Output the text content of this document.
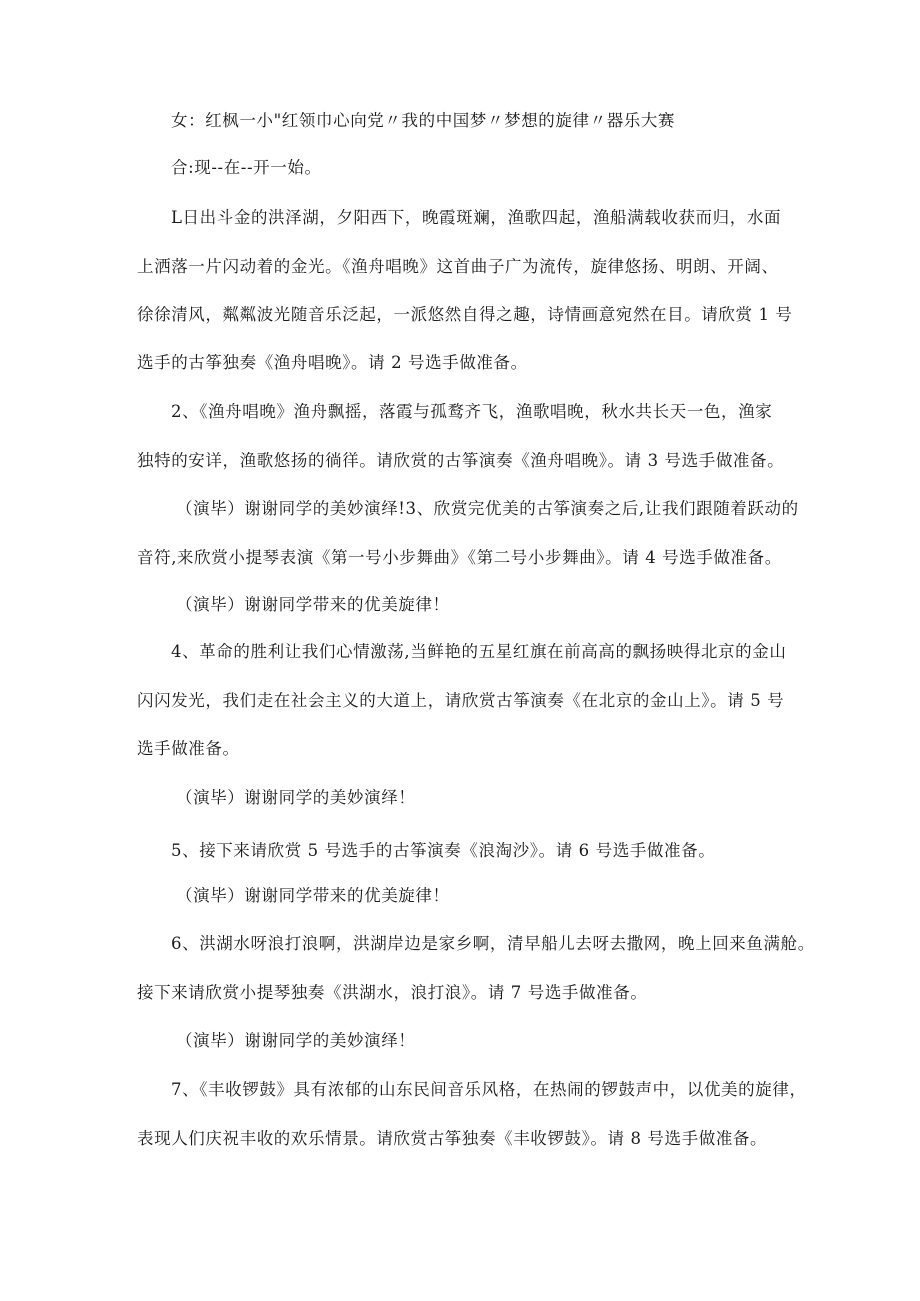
女：红枫一小"红领巾心向党〃我的中国梦〃梦想的旋律〃器乐大赛

合:现--在--开一始。

L日出斗金的洪泽湖，夕阳西下，晚霞斑斓，渔歌四起，渔船满载收获而归，水面

上洒落一片闪动着的金光。《渔舟唱晚》这首曲子广为流传，旋律悠扬、明朗、开阔、

徐徐清风，粼粼波光随音乐泛起，一派悠然自得之趣，诗情画意宛然在目。请欣赏 1 号

选手的古筝独奏《渔舟唱晚》。请 2 号选手做准备。

2、《渔舟唱晚》渔舟飘摇，落霞与孤鹜齐飞，渔歌唱晚，秋水共长天一色，渔家

独特的安详，渔歌悠扬的徜徉。请欣赏的古筝演奏《渔舟唱晚》。请 3 号选手做准备。

（演毕）谢谢同学的美妙演绎!3、欣赏完优美的古筝演奏之后,让我们跟随着跃动的

音符,来欣赏小提琴表演《第一号小步舞曲》《第二号小步舞曲》。请 4 号选手做准备。

（演毕）谢谢同学带来的优美旋律！

4、革命的胜利让我们心情激荡,当鲜艳的五星红旗在前高高的飘扬映得北京的金山

闪闪发光，我们走在社会主义的大道上，请欣赏古筝演奏《在北京的金山上》。请 5 号

选手做准备。

（演毕）谢谢同学的美妙演绎！

5、接下来请欣赏 5 号选手的古筝演奏《浪淘沙》。请 6 号选手做准备。

（演毕）谢谢同学带来的优美旋律！

6、洪湖水呀浪打浪啊，洪湖岸边是家乡啊，清早船儿去呀去撒网，晚上回来鱼满舱。

接下来请欣赏小提琴独奏《洪湖水，浪打浪》。请 7 号选手做准备。

（演毕）谢谢同学的美妙演绎！

7、《丰收锣鼓》具有浓郁的山东民间音乐风格，在热闹的锣鼓声中，以优美的旋律，

表现人们庆祝丰收的欢乐情景。请欣赏古筝独奏《丰收锣鼓》。请 8 号选手做准备。
